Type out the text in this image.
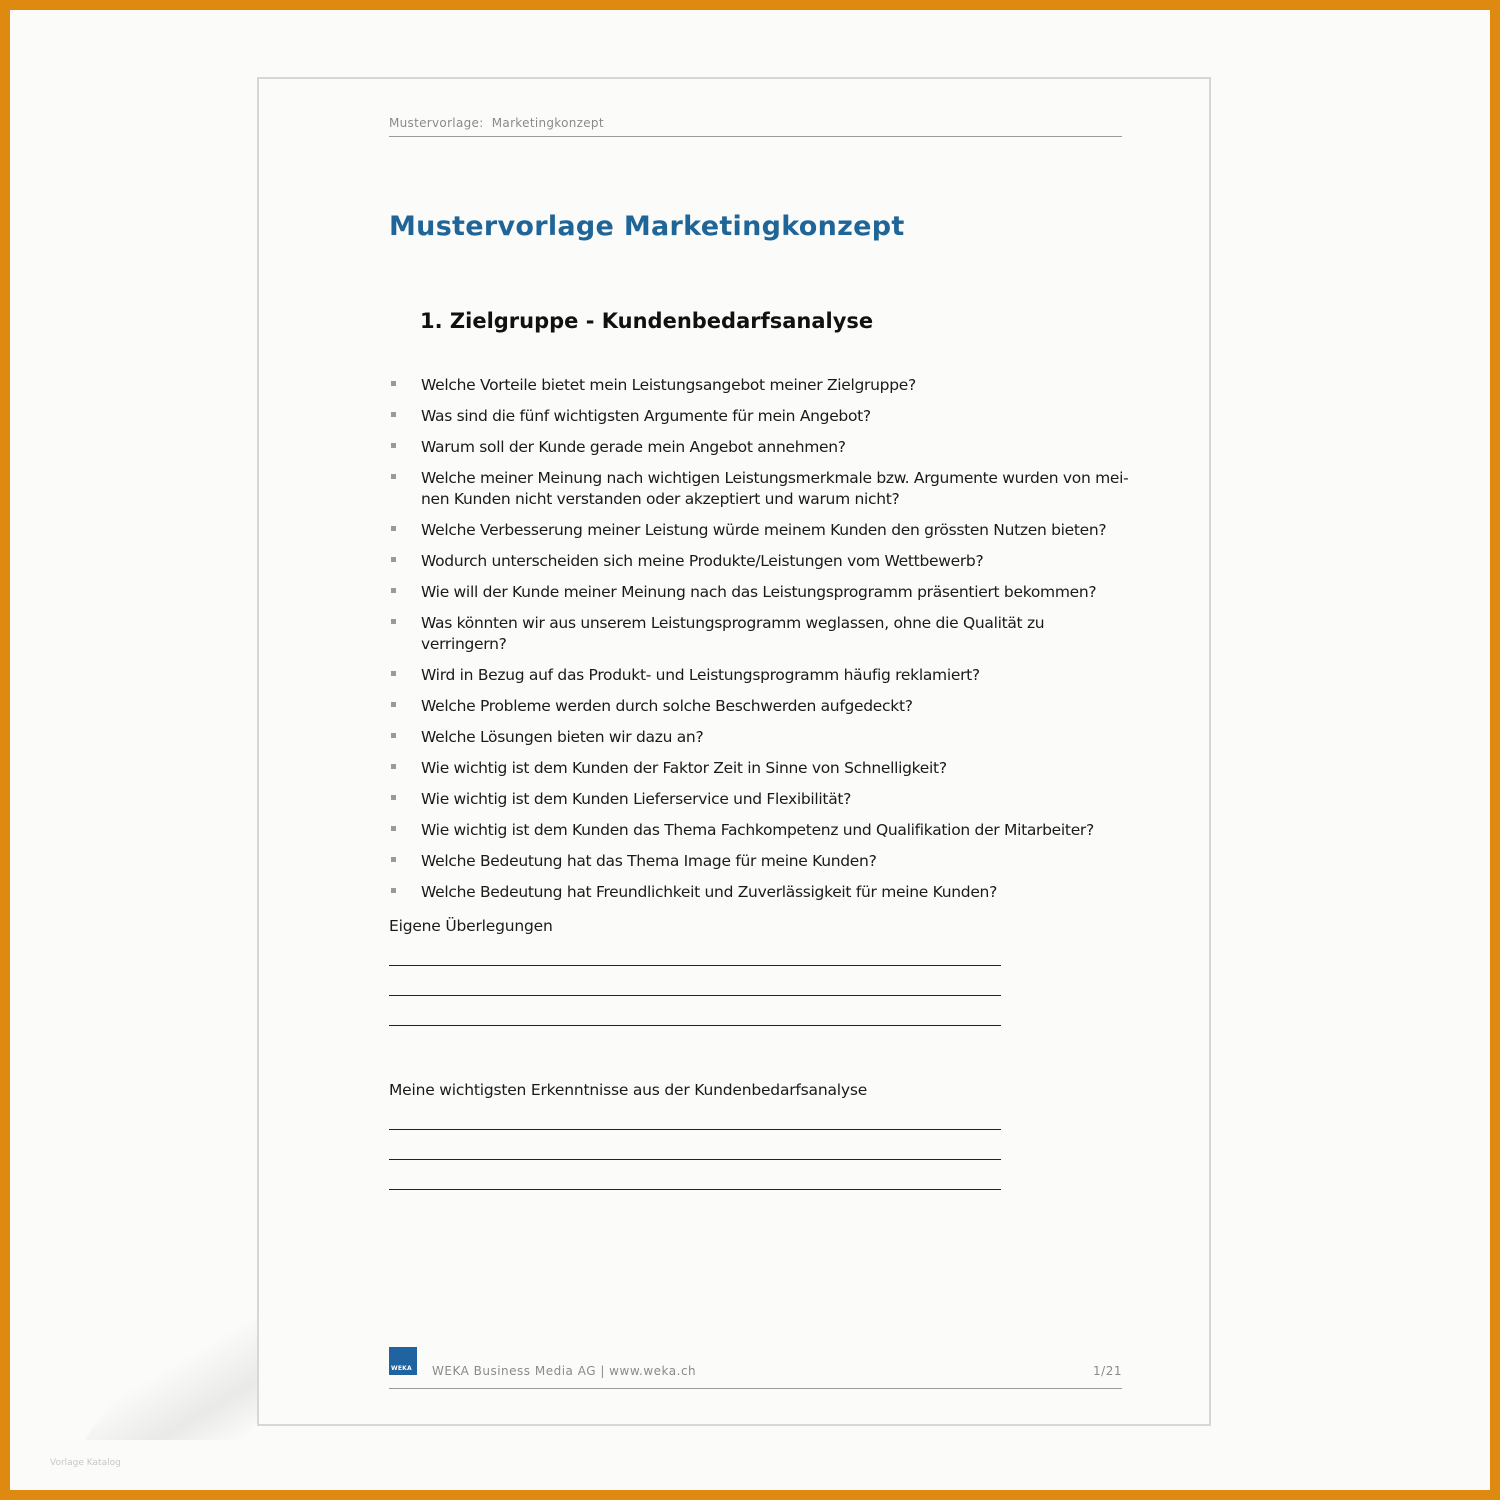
Vorlage Katalog
Mustervorlage:  Marketingkonzept
Mustervorlage Marketingkonzept
1. Zielgruppe - Kundenbedarfsanalyse
Welche Vorteile bietet mein Leistungsangebot meiner Zielgruppe?
Was sind die fünf wichtigsten Argumente für mein Angebot?
Warum soll der Kunde gerade mein Angebot annehmen?
Welche meiner Meinung nach wichtigen Leistungsmerkmale bzw. Argumente wurden von mei-nen Kunden nicht verstanden oder akzeptiert und warum nicht?
Welche Verbesserung meiner Leistung würde meinem Kunden den grössten Nutzen bieten?
Wodurch unterscheiden sich meine Produkte/Leistungen vom Wettbewerb?
Wie will der Kunde meiner Meinung nach das Leistungsprogramm präsentiert bekommen?
Was könnten wir aus unserem Leistungsprogramm weglassen, ohne die Qualität zu verringern?
Wird in Bezug auf das Produkt- und Leistungsprogramm häufig reklamiert?
Welche Probleme werden durch solche Beschwerden aufgedeckt?
Welche Lösungen bieten wir dazu an?
Wie wichtig ist dem Kunden der Faktor Zeit in Sinne von Schnelligkeit?
Wie wichtig ist dem Kunden Lieferservice und Flexibilität?
Wie wichtig ist dem Kunden das Thema Fachkompetenz und Qualifikation der Mitarbeiter?
Welche Bedeutung hat das Thema Image für meine Kunden?
Welche Bedeutung hat Freundlichkeit und Zuverlässigkeit für meine Kunden?
Eigene Überlegungen
Meine wichtigsten Erkenntnisse aus der Kundenbedarfsanalyse
WEKA WEKA Business Media AG | www.weka.ch	1/21
